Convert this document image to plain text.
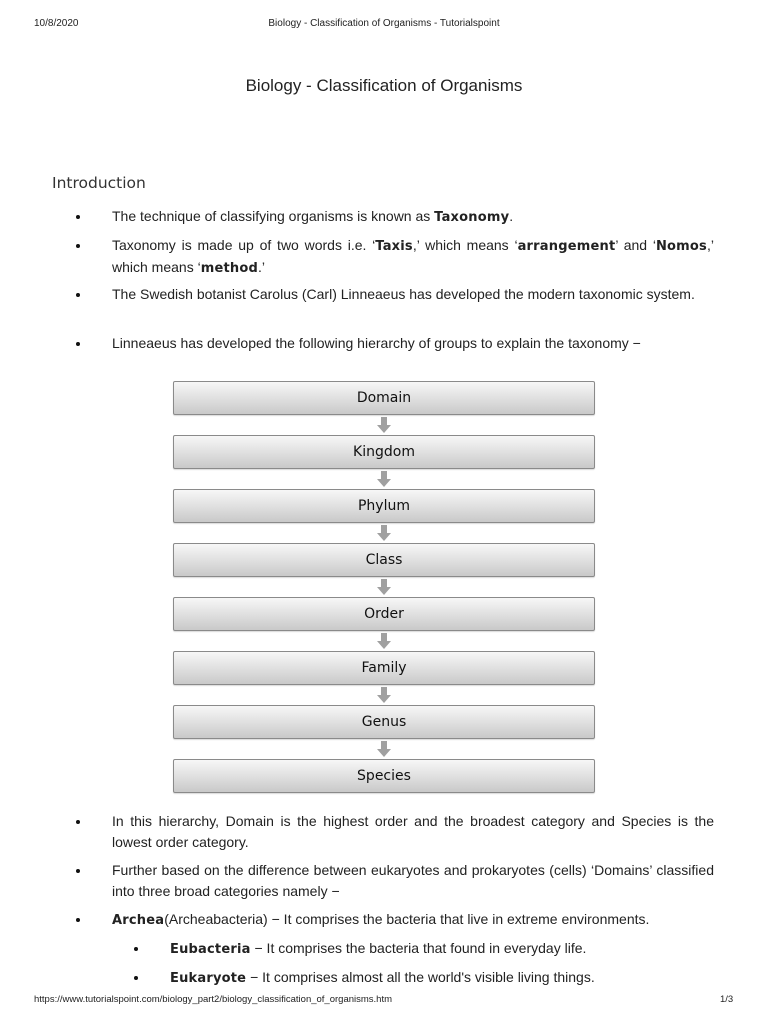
10/8/2020	Biology - Classification of Organisms - Tutorialspoint
Biology - Classification of Organisms
Introduction
The technique of classifying organisms is known as Taxonomy.
Taxonomy is made up of two words i.e. ‘Taxis,’ which means ‘arrangement’ and ‘Nomos,’ which means ‘method.’
The Swedish botanist Carolus (Carl) Linneaeus has developed the modern taxonomic system.
Linneaeus has developed the following hierarchy of groups to explain the taxonomy −
Domain
Kingdom
Phylum
Class
Order
Family
Genus
Species
In this hierarchy, Domain is the highest order and the broadest category and Species is the lowest order category.
Further based on the difference between eukaryotes and prokaryotes (cells) ‘Domains’ classified into three broad categories namely −
Archea(Archeabacteria) − It comprises the bacteria that live in extreme environments.
Eubacteria − It comprises the bacteria that found in everyday life.
Eukaryote − It comprises almost all the world's visible living things.
https://www.tutorialspoint.com/biology_part2/biology_classification_of_organisms.htm	1/3
